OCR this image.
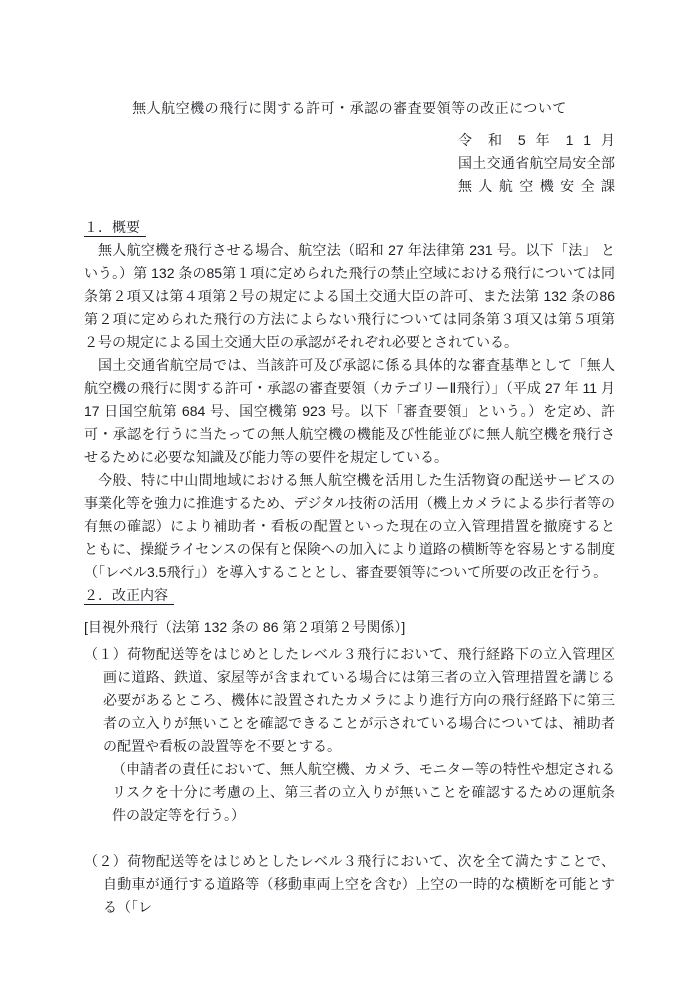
無人航空機の飛行に関する許可・承認の審査要領等の改正について
令 和 5 年 1 1 月
国土交通省航空局安全部
無 人 航 空 機 安 全 課
１．概要

無人航空機を飛行させる場合、航空法（昭和 27 年法律第 231 号。以下「法」 という。）第 132 条の85第１項に定められた飛行の禁止空域における飛行については同条第２項又は第４項第２号の規定による国土交通大臣の許可、また法第 132 条の86第２項に定められた飛行の方法によらない飛行については同条第３項又は第５項第２号の規定による国土交通大臣の承認がそれぞれ必要とされている。

国土交通省航空局では、当該許可及び承認に係る具体的な審査基準として「無人航空機の飛行に関する許可・承認の審査要領（カテゴリーⅡ飛行）」（平成 27 年 11 月 17 日国空航第 684 号、国空機第 923 号。以下「審査要領」という。）を定め、許可・承認を行うに当たっての無人航空機の機能及び性能並びに無人航空機を飛行させるために必要な知識及び能力等の要件を規定している。

今般、特に中山間地域における無人航空機を活用した生活物資の配送サービスの事業化等を強力に推進するため、デジタル技術の活用（機上カメラによる歩行者等の有無の確認）により補助者・看板の配置といった現在の立入管理措置を撤廃するとともに、操縦ライセンスの保有と保険への加入により道路の横断等を容易とする制度（「レベル3.5飛行」）を導入することとし、審査要領等について所要の改正を行う。

２．改正内容
[目視外飛行（法第 132 条の 86 第２項第２号関係）]
（１）荷物配送等をはじめとしたレベル３飛行において、飛行経路下の立入管理区画に道路、鉄道、家屋等が含まれている場合には第三者の立入管理措置を講じる必要があるところ、機体に設置されたカメラにより進行方向の飛行経路下に第三者の立入りが無いことを確認できることが示されている場合については、補助者の配置や看板の設置等を不要とする。
（申請者の責任において、無人航空機、カメラ、モニター等の特性や想定されるリスクを十分に考慮の上、第三者の立入りが無いことを確認するための運航条件の設定等を行う。）
（２）荷物配送等をはじめとしたレベル３飛行において、次を全て満たすことで、自動車が通行する道路等（移動車両上空を含む）上空の一時的な横断を可能とする（「レ
